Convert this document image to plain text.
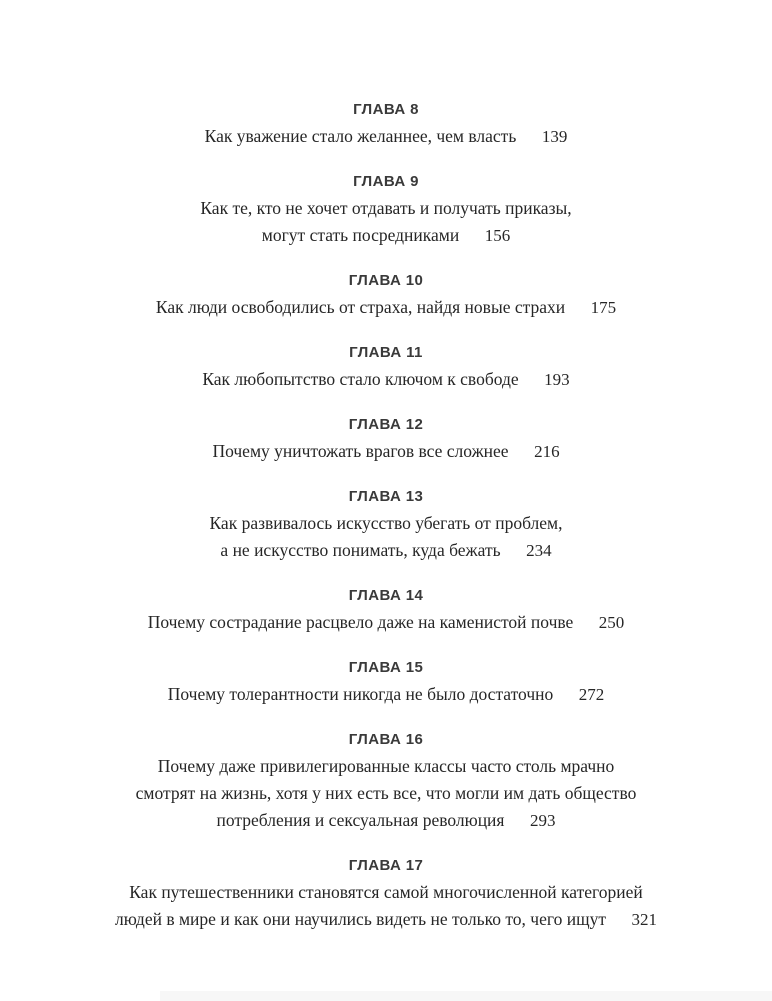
ГЛАВА 8

Как уважение стало желаннее, чем власть 139

ГЛАВА 9

Как те, кто не хочет отдавать и получать приказы,
могут стать посредниками 156

ГЛАВА 10

Как люди освободились от страха, найдя новые страхи 175

ГЛАВА 11

Как любопытство стало ключом к свободе 193

ГЛАВА 12

Почему уничтожать врагов все сложнее 216

ГЛАВА 13

Как развивалось искусство убегать от проблем,
а не искусство понимать, куда бежать 234

ГЛАВА 14

Почему сострадание расцвело даже на каменистой почве 250

ГЛАВА 15

Почему толерантности никогда не было достаточно 272

ГЛАВА 16

Почему даже привилегированные классы часто столь мрачно
смотрят на жизнь, хотя у них есть все, что могли им дать общество
потребления и сексуальная революция 293

ГЛАВА 17

Как путешественники становятся самой многочисленной категорией
людей в мире и как они научились видеть не только то, чего ищут 321
